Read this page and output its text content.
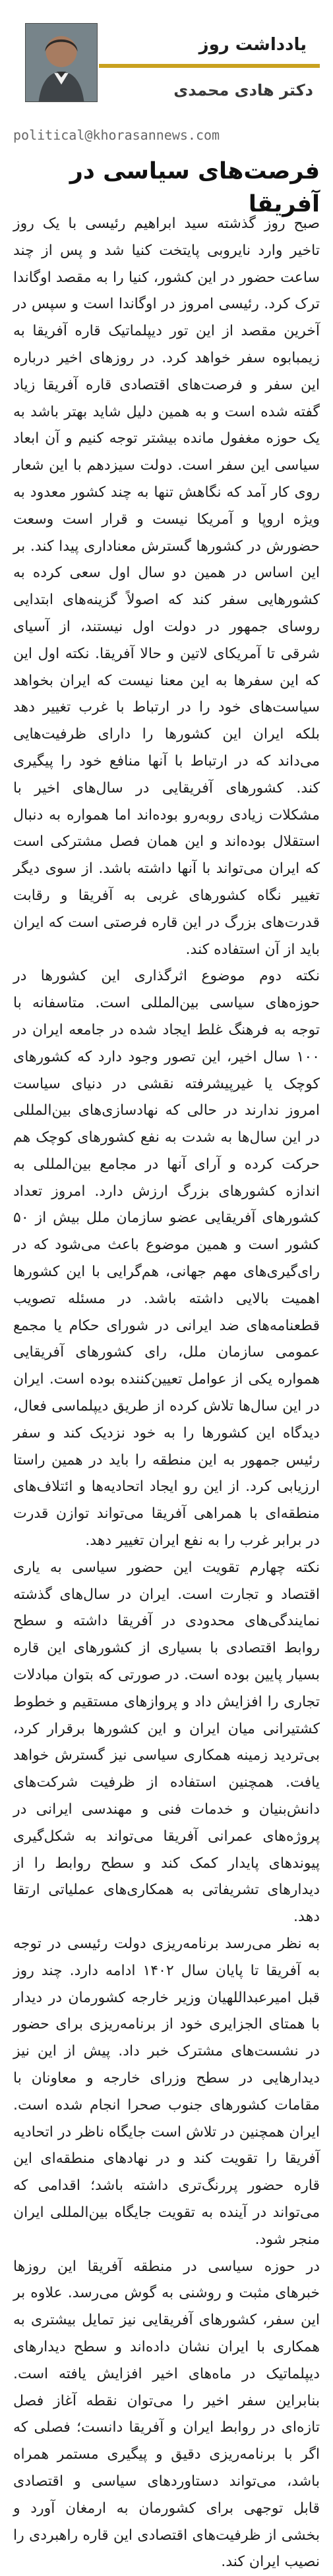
یادداشت روز
دکتر هادی محمدی
political@khorasannews.com
فرصت‌های سیاسی در آفریقا

صبح روز گذشته سید ابراهیم رئیسی با یک روز تاخیر وارد نایروبی پایتخت کنیا شد و پس از چند ساعت حضور در این کشور، کنیا را به مقصد اوگاندا ترک کرد. رئیسی امروز در اوگاندا است و سپس در آخرین مقصد از این تور دیپلماتیک قاره آفریقا به زیمبابوه سفر خواهد کرد. در روزهای اخیر درباره این سفر و فرصت‌های اقتصادی قاره آفریقا زیاد گفته شده است و به همین دلیل شاید بهتر باشد به یک حوزه مغفول مانده بیشتر توجه کنیم و آن ابعاد سیاسی این سفر است. دولت سیزدهم با این شعار روی کار آمد که نگاهش تنها به چند کشور معدود به ویژه اروپا و آمریکا نیست و قرار است وسعت حضورش در کشورها گسترش معناداری پیدا کند. بر این اساس در همین دو سال اول سعی کرده به کشورهایی سفر کند که اصولاً گزینه‌های ابتدایی روسای جمهور در دولت اول نیستند، از آسیای شرقی تا آمریکای لاتین و حالا آفریقا. نکته اول این که این سفرها به این معنا نیست که ایران بخواهد سیاست‌های خود را در ارتباط با غرب تغییر دهد بلکه ایران این کشورها را دارای ظرفیت‌هایی می‌داند که در ارتباط با آنها منافع خود را پیگیری کند. کشورهای آفریقایی در سال‌های اخیر با مشکلات زیادی روبه‌رو بوده‌اند اما همواره به دنبال استقلال بوده‌اند و این همان فصل مشترکی است که ایران می‌تواند با آنها داشته باشد. از سوی دیگر تغییر نگاه کشورهای غربی به آفریقا و رقابت قدرت‌های بزرگ در این قاره فرصتی است که ایران باید از آن استفاده کند.

نکته دوم موضوع اثرگذاری این کشورها در حوزه‌های سیاسی بین‌المللی است. متاسفانه با توجه به فرهنگ غلط ایجاد شده در جامعه ایران در ۱۰۰ سال اخیر، این تصور وجود دارد که کشورهای کوچک یا غیرپیشرفته نقشی در دنیای سیاست امروز ندارند در حالی که نهادسازی‌های بین‌المللی در این سال‌ها به شدت به نفع کشورهای کوچک هم حرکت کرده و آرای آنها در مجامع بین‌المللی به اندازه کشورهای بزرگ ارزش دارد. امروز تعداد کشورهای آفریقایی عضو سازمان ملل بیش از ۵۰ کشور است و همین موضوع باعث می‌شود که در رای‌گیری‌های مهم جهانی، هم‌گرایی با این کشورها اهمیت بالایی داشته باشد. در مسئله تصویب قطعنامه‌های ضد ایرانی در شورای حکام یا مجمع عمومی سازمان ملل، رای کشورهای آفریقایی همواره یکی از عوامل تعیین‌کننده بوده است. ایران در این سال‌ها تلاش کرده از طریق دیپلماسی فعال، دیدگاه این کشورها را به خود نزدیک کند و سفر رئیس جمهور به این منطقه را باید در همین راستا ارزیابی کرد. از این رو ایجاد اتحادیه‌ها و ائتلاف‌های منطقه‌ای با همراهی آفریقا می‌تواند توازن قدرت در برابر غرب را به نفع ایران تغییر دهد.

نکته چهارم تقویت این حضور سیاسی به یاری اقتصاد و تجارت است. ایران در سال‌های گذشته نمایندگی‌های محدودی در آفریقا داشته و سطح روابط اقتصادی با بسیاری از کشورهای این قاره بسیار پایین بوده است. در صورتی که بتوان مبادلات تجاری را افزایش داد و پروازهای مستقیم و خطوط کشتیرانی میان ایران و این کشورها برقرار کرد، بی‌تردید زمینه همکاری سیاسی نیز گسترش خواهد یافت. همچنین استفاده از ظرفیت شرکت‌های دانش‌بنیان و خدمات فنی و مهندسی ایرانی در پروژه‌های عمرانی آفریقا می‌تواند به شکل‌گیری پیوندهای پایدار کمک کند و سطح روابط را از دیدارهای تشریفاتی به همکاری‌های عملیاتی ارتقا دهد.

به نظر می‌رسد برنامه‌ریزی دولت رئیسی در توجه به آفریقا تا پایان سال ۱۴۰۲ ادامه دارد. چند روز قبل امیرعبداللهیان وزیر خارجه کشورمان در دیدار با همتای الجزایری خود از برنامه‌ریزی برای حضور در نشست‌های مشترک خبر داد. پیش از این نیز دیدارهایی در سطح وزرای خارجه و معاونان با مقامات کشورهای جنوب صحرا انجام شده است. ایران همچنین در تلاش است جایگاه ناظر در اتحادیه آفریقا را تقویت کند و در نهادهای منطقه‌ای این قاره حضور پررنگ‌تری داشته باشد؛ اقدامی که می‌تواند در آینده به تقویت جایگاه بین‌المللی ایران منجر شود.

در حوزه سیاسی در منطقه آفریقا این روزها خبرهای مثبت و روشنی به گوش می‌رسد. علاوه بر این سفر، کشورهای آفریقایی نیز تمایل بیشتری به همکاری با ایران نشان داده‌اند و سطح دیدارهای دیپلماتیک در ماه‌های اخیر افزایش یافته است. بنابراین سفر اخیر را می‌توان نقطه آغاز فصل تازه‌ای در روابط ایران و آفریقا دانست؛ فصلی که اگر با برنامه‌ریزی دقیق و پیگیری مستمر همراه باشد، می‌تواند دستاوردهای سیاسی و اقتصادی قابل توجهی برای کشورمان به ارمغان آورد و بخشی از ظرفیت‌های اقتصادی این قاره راهبردی را نصیب ایران کند.
